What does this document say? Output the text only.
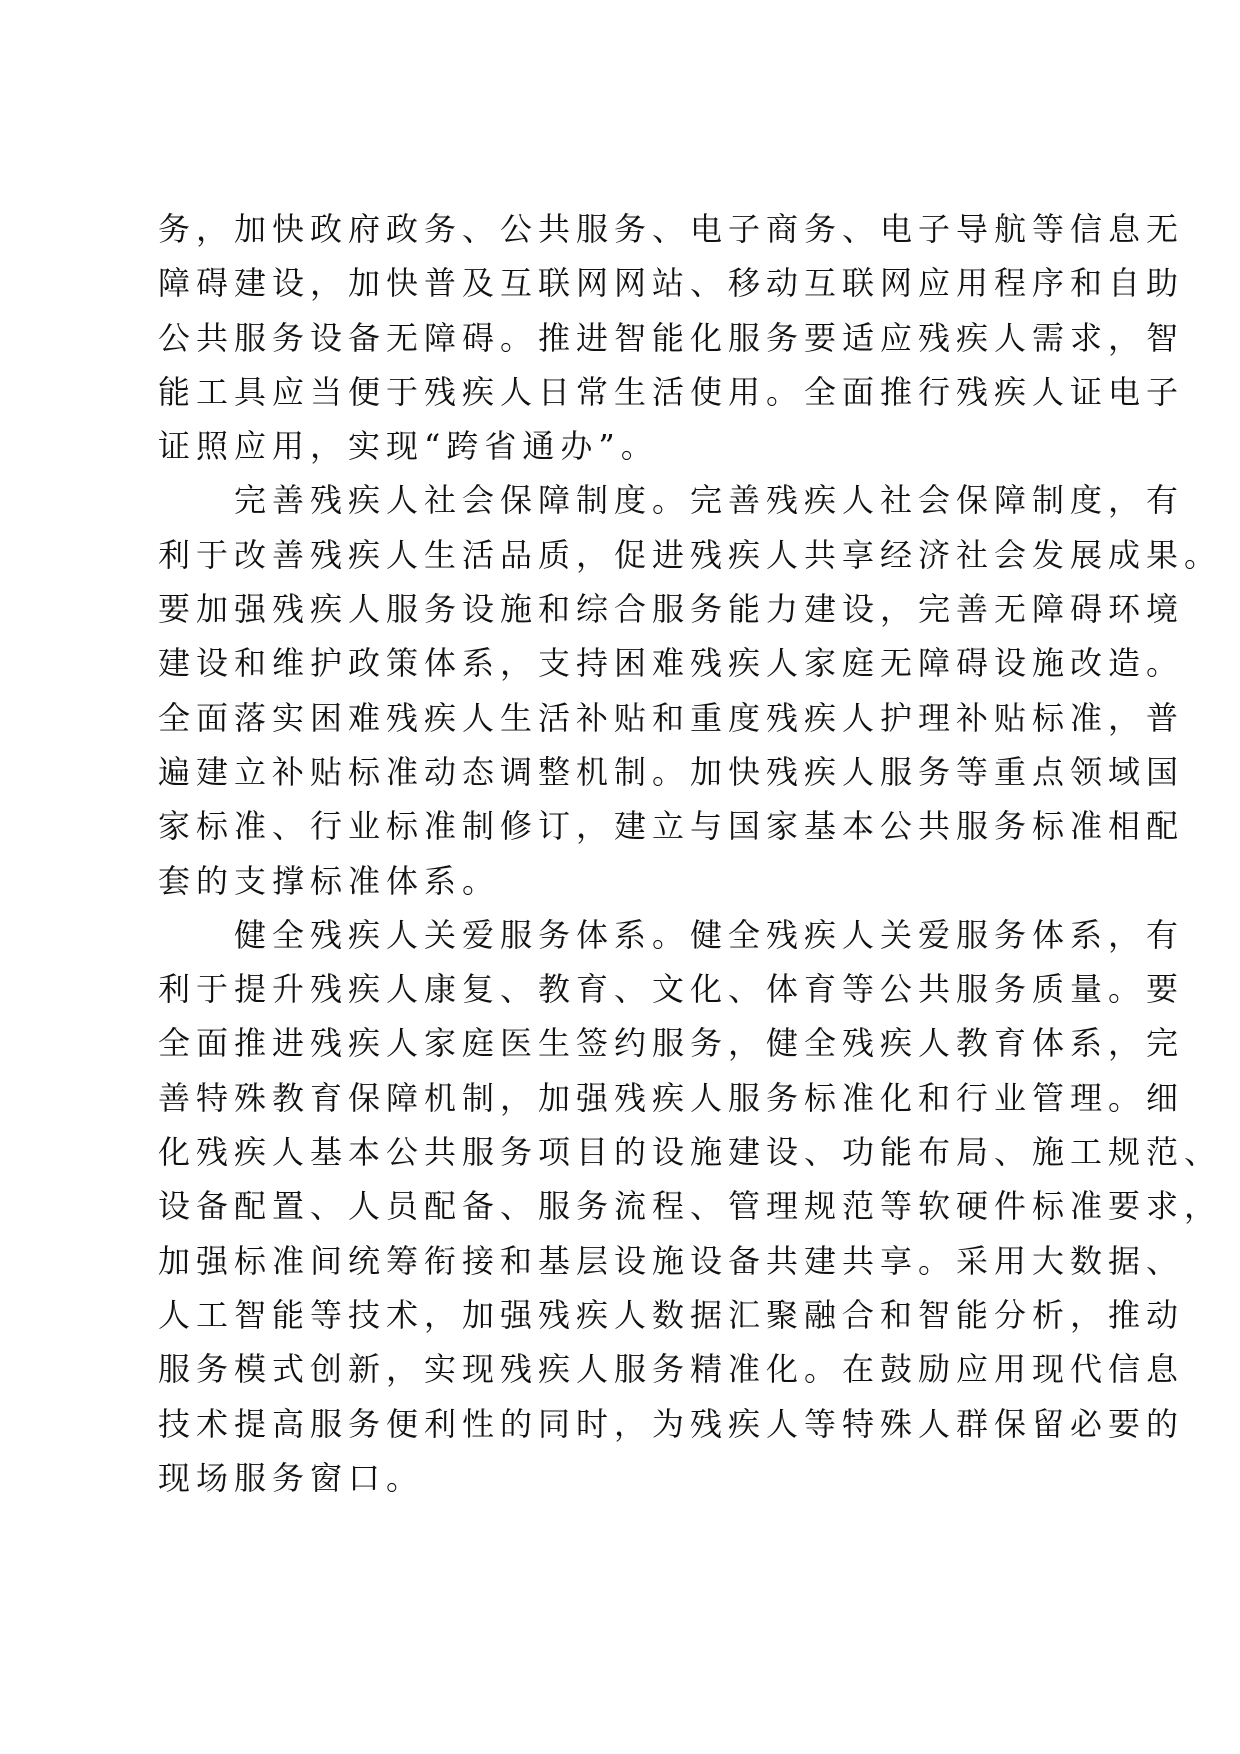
务，加快政府政务、公共服务、电子商务、电子导航等信息无
障碍建设，加快普及互联网网站、移动互联网应用程序和自助
公共服务设备无障碍。推进智能化服务要适应残疾人需求，智
能工具应当便于残疾人日常生活使用。全面推行残疾人证电子
证照应用，实现“跨省通办”。
　　完善残疾人社会保障制度。完善残疾人社会保障制度，有
利于改善残疾人生活品质，促进残疾人共享经济社会发展成果。
要加强残疾人服务设施和综合服务能力建设，完善无障碍环境
建设和维护政策体系，支持困难残疾人家庭无障碍设施改造。
全面落实困难残疾人生活补贴和重度残疾人护理补贴标准，普
遍建立补贴标准动态调整机制。加快残疾人服务等重点领域国
家标准、行业标准制修订，建立与国家基本公共服务标准相配
套的支撑标准体系。
　　健全残疾人关爱服务体系。健全残疾人关爱服务体系，有
利于提升残疾人康复、教育、文化、体育等公共服务质量。要
全面推进残疾人家庭医生签约服务，健全残疾人教育体系，完
善特殊教育保障机制，加强残疾人服务标准化和行业管理。细
化残疾人基本公共服务项目的设施建设、功能布局、施工规范、
设备配置、人员配备、服务流程、管理规范等软硬件标准要求，
加强标准间统筹衔接和基层设施设备共建共享。采用大数据、
人工智能等技术，加强残疾人数据汇聚融合和智能分析，推动
服务模式创新，实现残疾人服务精准化。在鼓励应用现代信息
技术提高服务便利性的同时，为残疾人等特殊人群保留必要的
现场服务窗口。
